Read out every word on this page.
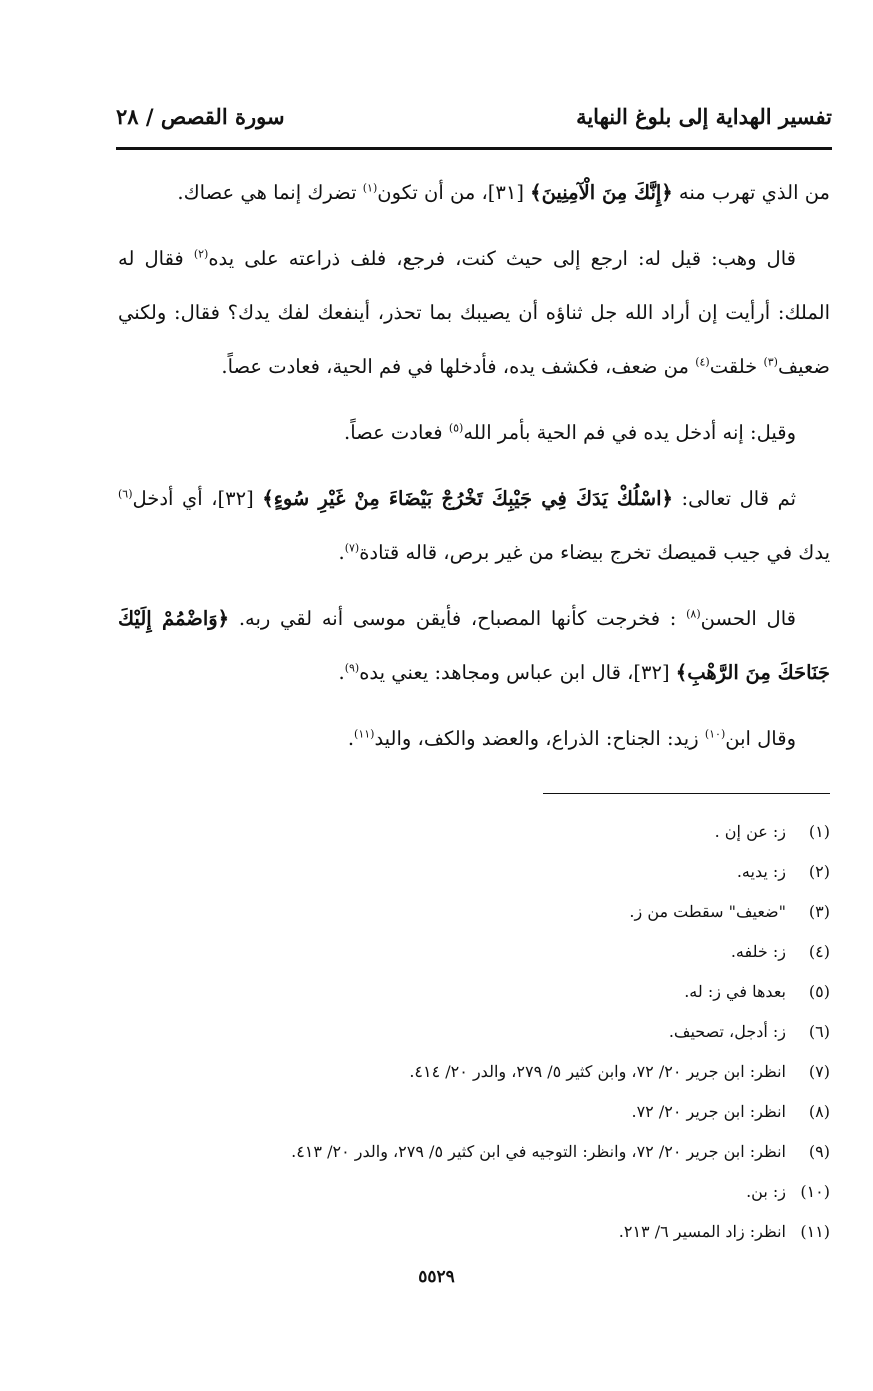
تفسير الهداية إلى بلوغ النهاية
سورة القصص / ٢٨

من الذي تهرب منه ﴿إِنَّكَ مِنَ الْآمِنِينَ﴾ [٣١]، من أن تكون$^{(١)}$ تضرك إنما هي عصاك.

قال وهب: قيل له: ارجع إلى حيث كنت، فرجع، فلف ذراعته على يده$^{(٢)}$ فقال له الملك: أرأيت إن أراد الله جل ثناؤه أن يصيبك بما تحذر، أينفعك لفك يدك؟ فقال: ولكني ضعيف$^{(٣)}$ خلقت$^{(٤)}$ من ضعف، فكشف يده، فأدخلها في فم الحية، فعادت عصاً.

وقيل: إنه أدخل يده في فم الحية بأمر الله$^{(٥)}$ فعادت عصاً.

ثم قال تعالى: ﴿اسْلُكْ يَدَكَ فِي جَيْبِكَ تَخْرُجْ بَيْضَاءَ مِنْ غَيْرِ سُوءٍ﴾ [٣٢]، أي أدخل$^{(٦)}$ يدك في جيب قميصك تخرج بيضاء من غير برص، قاله قتادة$^{(٧)}$.

قال الحسن$^{(٨)}$ : فخرجت كأنها المصباح، فأيقن موسى أنه لقي ربه. ﴿وَاضْمُمْ إِلَيْكَ جَنَاحَكَ مِنَ الرَّهْبِ﴾ [٣٢]، قال ابن عباس ومجاهد: يعني يده$^{(٩)}$.

وقال ابن$^{(١٠)}$ زيد: الجناح: الذراع، والعضد والكف، واليد$^{(١١)}$.

(١)ز: عن إن .
(٢)ز: يديه.
(٣)"ضعيف" سقطت من ز.
(٤)ز: خلفه.
(٥)بعدها في ز: له.
(٦)ز: أدجل، تصحيف.
(٧)انظر: ابن جرير ٢٠/ ٧٢، وابن كثير ٥/ ٢٧٩، والدر ٢٠/ ٤١٤.
(٨)انظر: ابن جرير ٢٠/ ٧٢.
(٩)انظر: ابن جرير ٢٠/ ٧٢، وانظر: التوجيه في ابن كثير ٥/ ٢٧٩، والدر ٢٠/ ٤١٣.
(١٠)ز: بن.
(١١)انظر: زاد المسير ٦/ ٢١٣.
٥٥٢٩
